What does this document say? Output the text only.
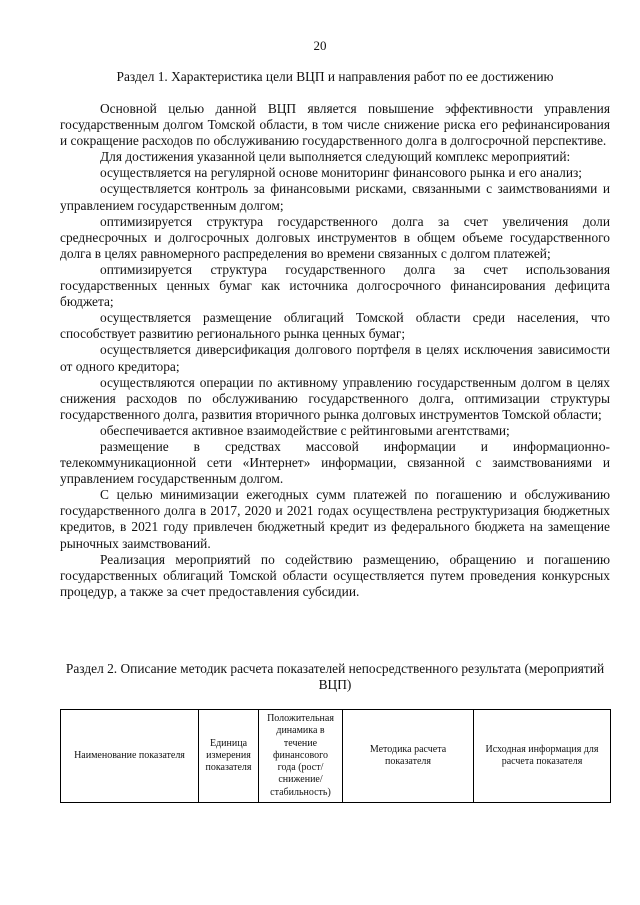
20
Раздел 1. Характеристика цели ВЦП и направления работ по ее достижению

Основной целью данной ВЦП является повышение эффективности управления государственным долгом Томской области, в том числе снижение риска его рефинансирования и сокращение расходов по обслуживанию государственного долга в долгосрочной перспективе.

Для достижения указанной цели выполняется следующий комплекс мероприятий:

осуществляется на регулярной основе мониторинг финансового рынка и его анализ;

осуществляется контроль за финансовыми рисками, связанными с заимствованиями и управлением государственным долгом;

оптимизируется структура государственного долга за счет увеличения доли среднесрочных и долгосрочных долговых инструментов в общем объеме государственного долга в целях равномерного распределения во времени связанных с долгом платежей;

оптимизируется структура государственного долга за счет использования государственных ценных бумаг как источника долгосрочного финансирования дефицита бюджета;

осуществляется размещение облигаций Томской области среди населения, что способствует развитию регионального рынка ценных бумаг;

осуществляется диверсификация долгового портфеля в целях исключения зависимости от одного кредитора;

осуществляются операции по активному управлению государственным долгом в целях снижения расходов по обслуживанию государственного долга, оптимизации структуры государственного долга, развития вторичного рынка долговых инструментов Томской области;

обеспечивается активное взаимодействие с рейтинговыми агентствами;

размещение в средствах массовой информации и информационно-телекоммуникационной сети «Интернет» информации, связанной с заимствованиями и управлением государственным долгом.

С целью минимизации ежегодных сумм платежей по погашению и обслуживанию государственного долга в 2017, 2020 и 2021 годах осуществлена реструктуризация бюджетных кредитов, в 2021 году привлечен бюджетный кредит из федерального бюджета на замещение рыночных заимствований.

Реализация мероприятий по содействию размещению, обращению и погашению государственных облигаций Томской области осуществляется путем проведения конкурсных процедур, а также за счет предоставления субсидии.

Раздел 2. Описание методик расчета показателей непосредственного результата (мероприятий ВЦП)
Наименование показателя	Единица измерения показателя	Положительная динамика в течение финансового года (рост/ снижение/ стабильность)	Методика расчета показателя	Исходная информация для расчета показателя
